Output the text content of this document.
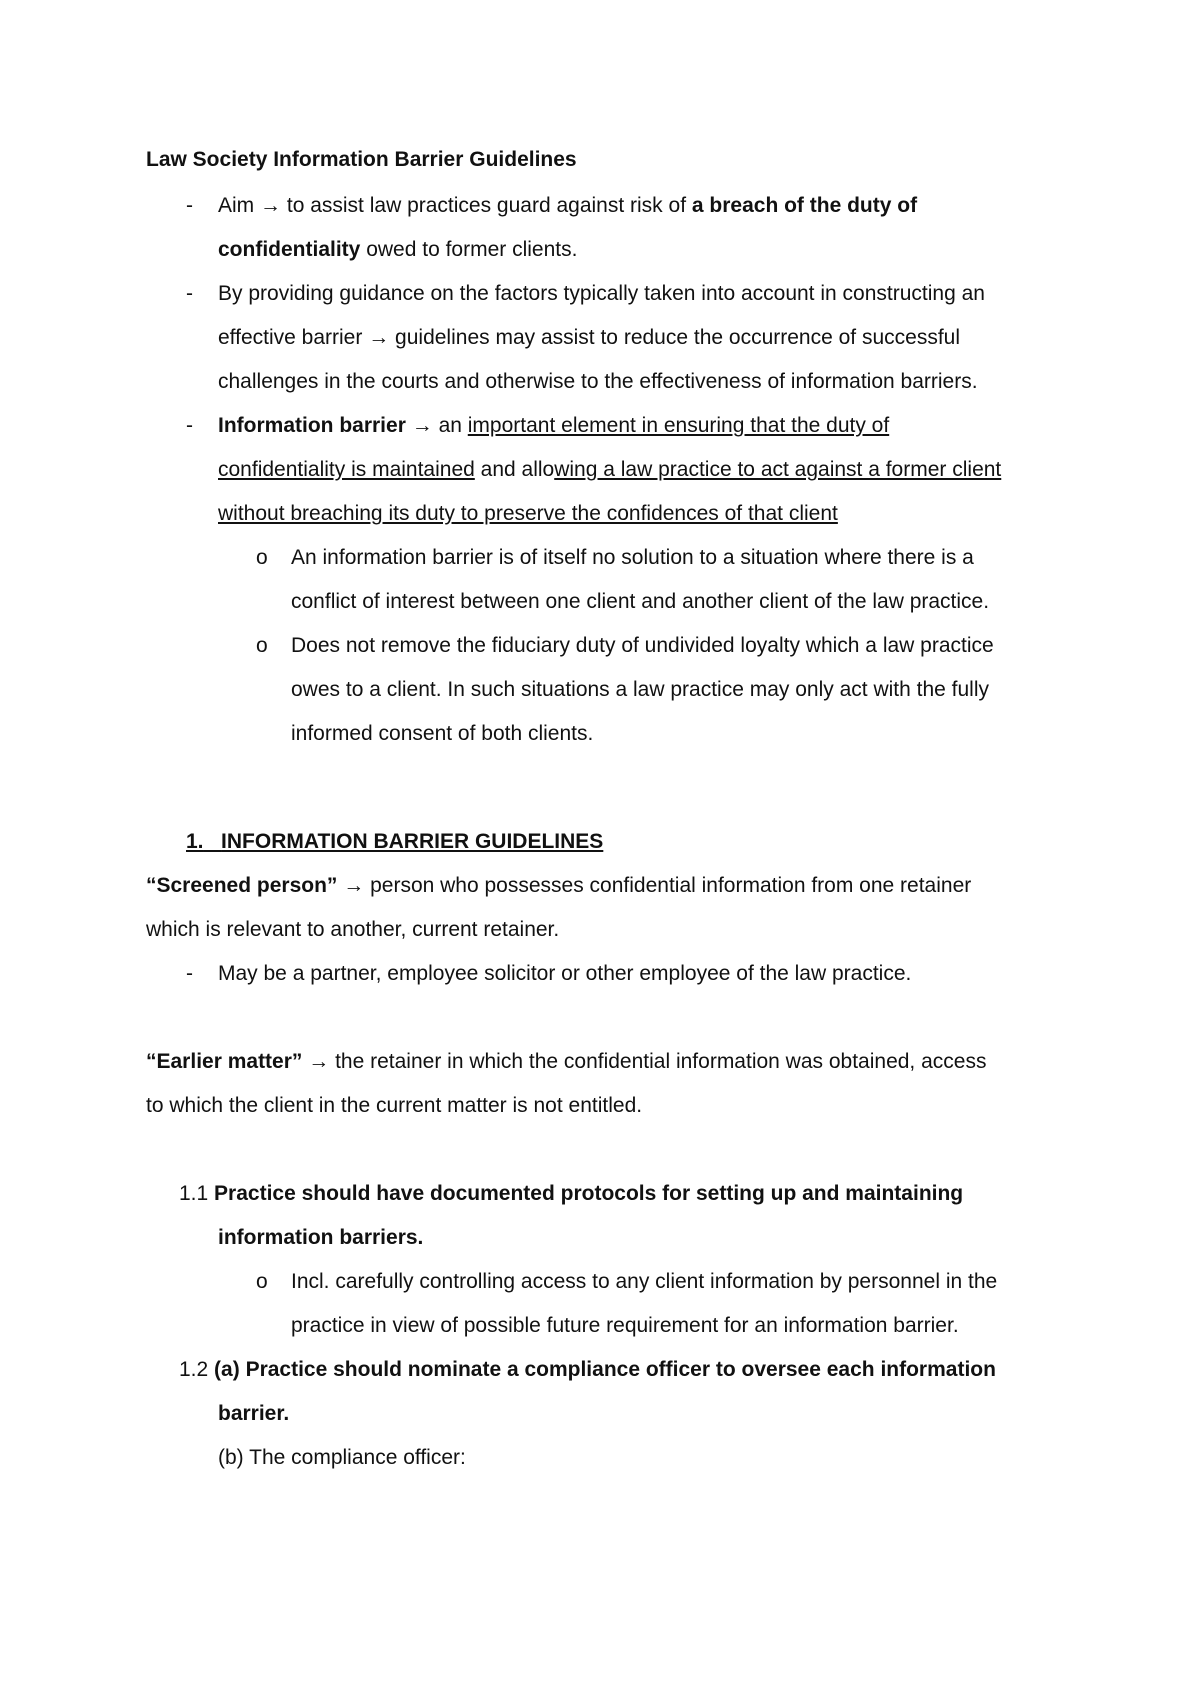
Law Society Information Barrier Guidelines
- Aim → to assist law practices guard against risk of a breach of the duty of
confidentiality owed to former clients.
- By providing guidance on the factors typically taken into account in constructing an
effective barrier → guidelines may assist to reduce the occurrence of successful
challenges in the courts and otherwise to the effectiveness of information barriers.
- Information barrier → an important element in ensuring that the duty of
confidentiality is maintained and allowing a law practice to act against a former client
without breaching its duty to preserve the confidences of that client
o An information barrier is of itself no solution to a situation where there is a
conflict of interest between one client and another client of the law practice.
o Does not remove the fiduciary duty of undivided loyalty which a law practice
owes to a client. In such situations a law practice may only act with the fully
informed consent of both clients.
1. INFORMATION BARRIER GUIDELINES
“Screened person” → person who possesses confidential information from one retainer
which is relevant to another, current retainer.
- May be a partner, employee solicitor or other employee of the law practice.
“Earlier matter” → the retainer in which the confidential information was obtained, access
to which the client in the current matter is not entitled.
1.1 Practice should have documented protocols for setting up and maintaining
information barriers.
o Incl. carefully controlling access to any client information by personnel in the
practice in view of possible future requirement for an information barrier.
1.2 (a) Practice should nominate a compliance officer to oversee each information
barrier.
(b) The compliance officer:
